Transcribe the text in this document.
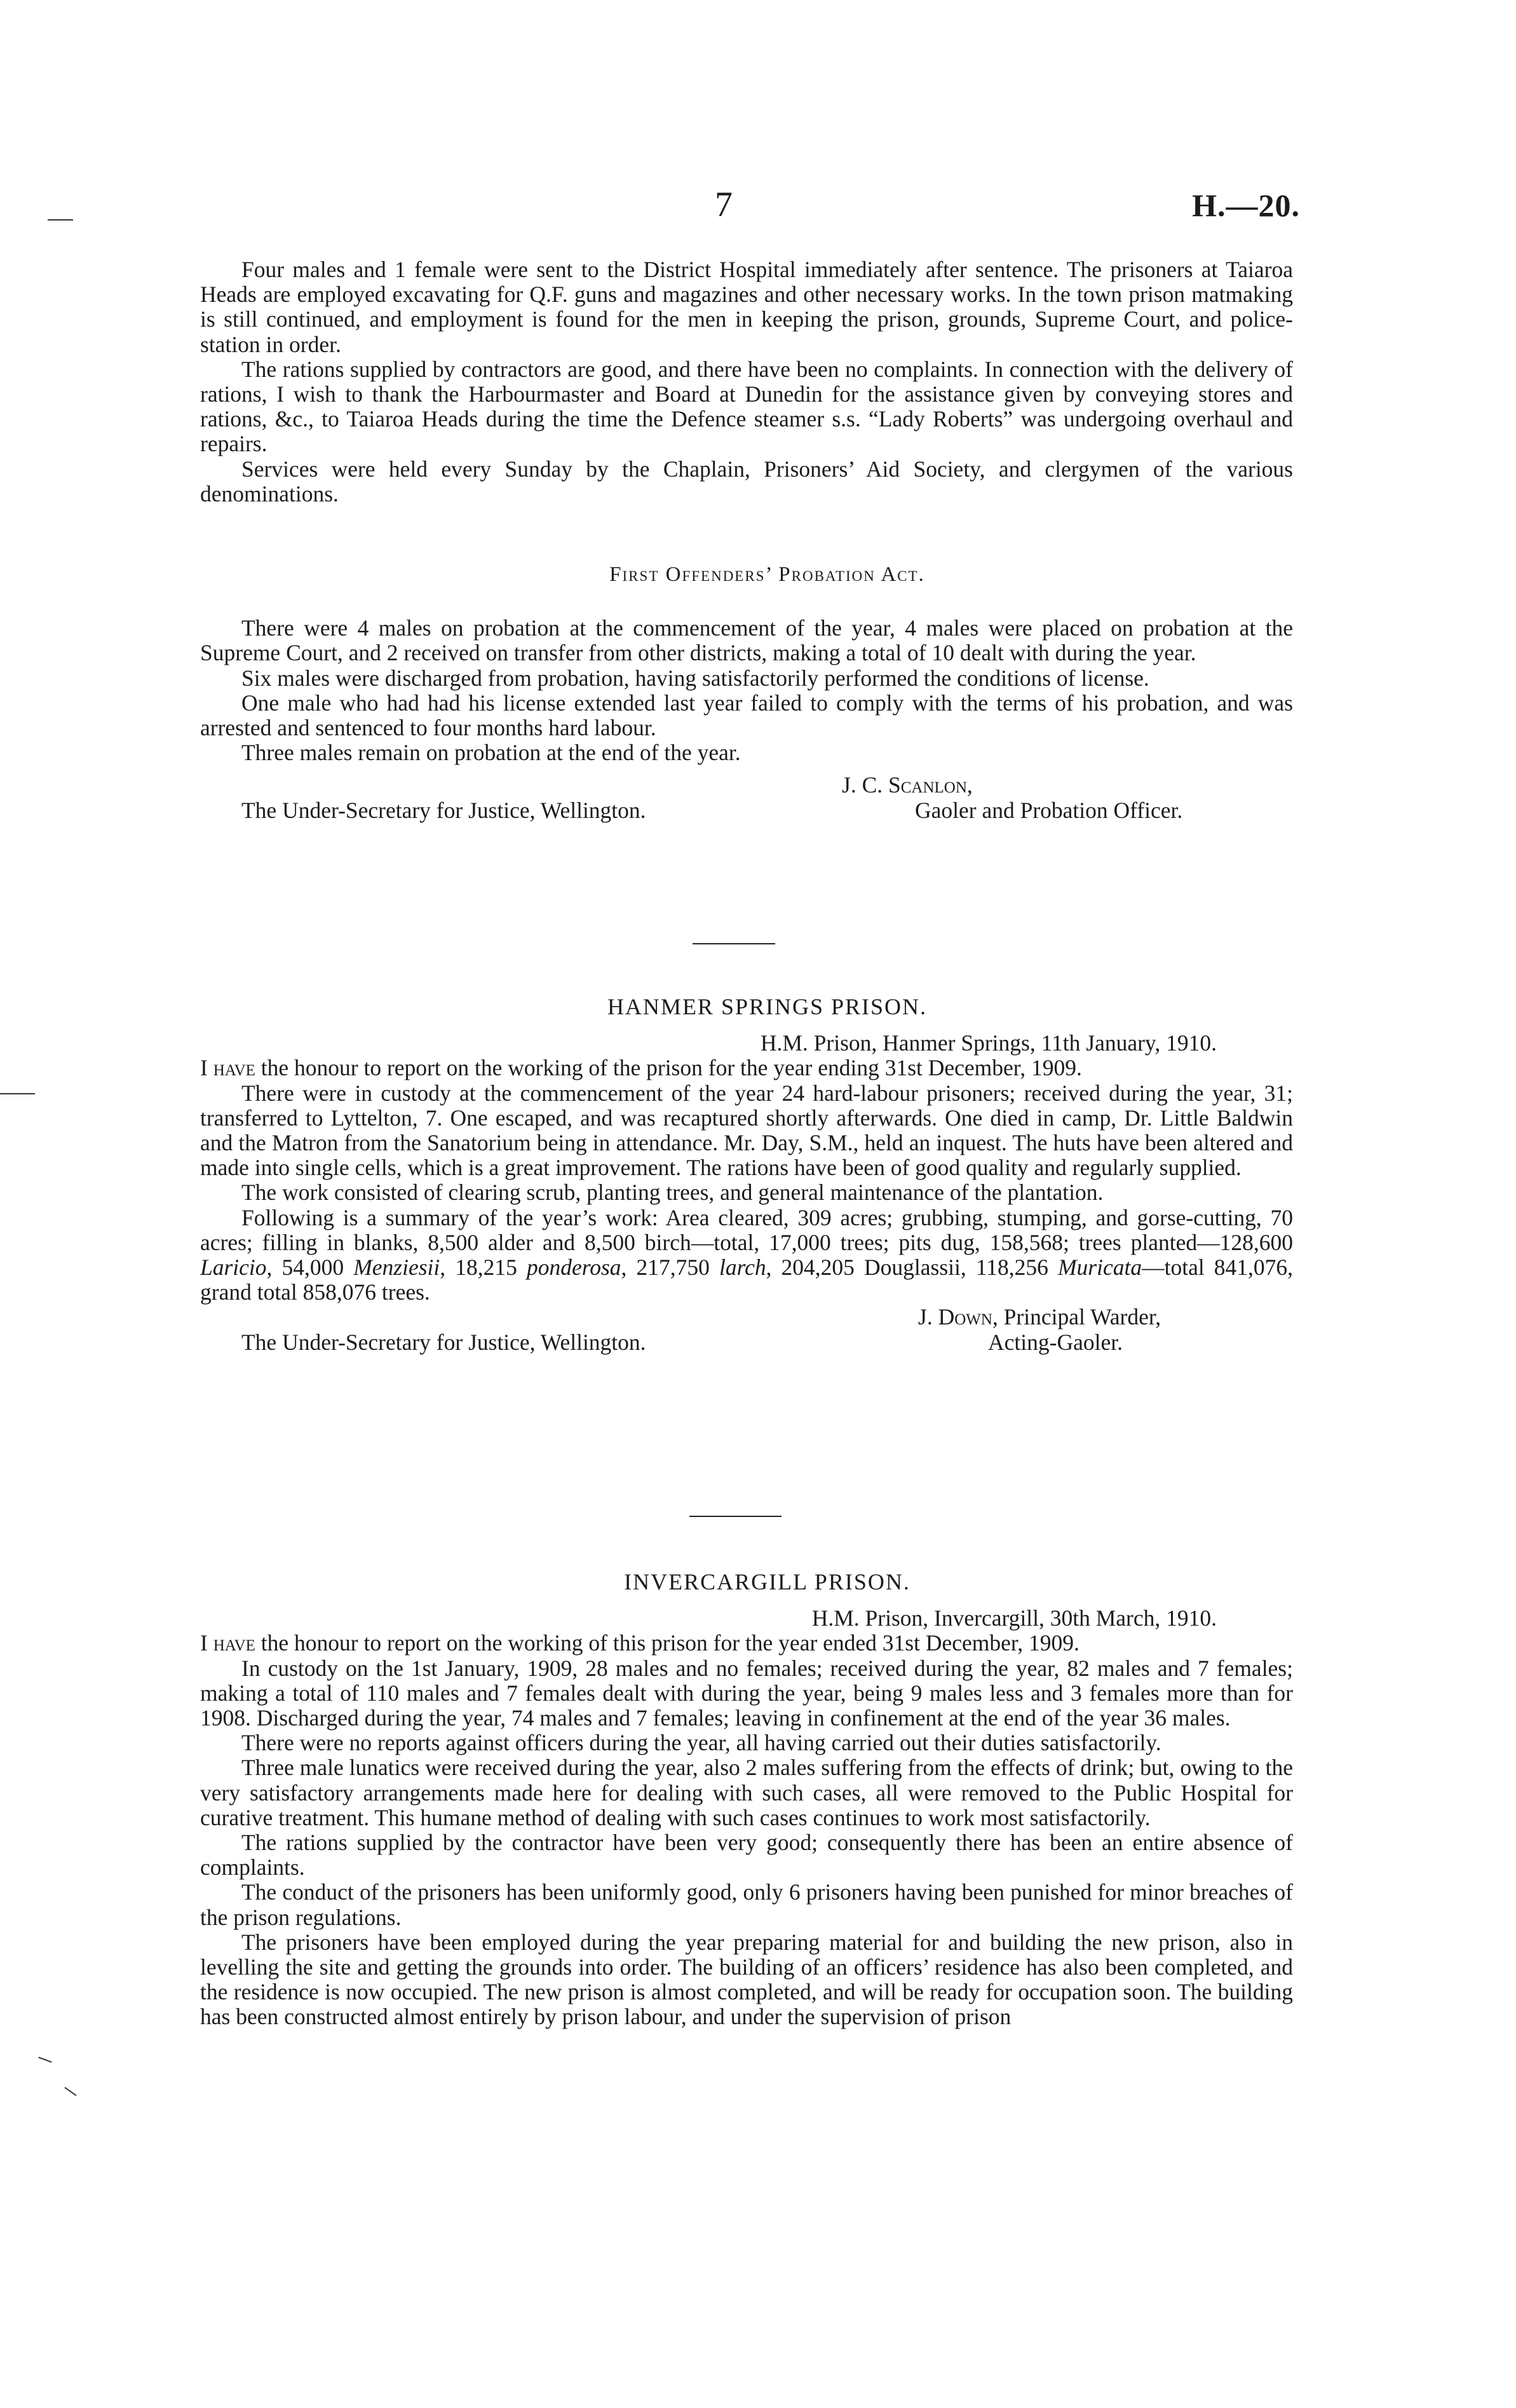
7	H.—20.

Four males and 1 female were sent to the District Hospital immediately after sentence. The prisoners at Taiaroa Heads are employed excavating for Q.F. guns and magazines and other necessary works. In the town prison matmaking is still continued, and employment is found for the men in keeping the prison, grounds, Supreme Court, and police-station in order.

The rations supplied by contractors are good, and there have been no complaints. In connection with the delivery of rations, I wish to thank the Harbourmaster and Board at Dunedin for the assistance given by conveying stores and rations, &c., to Taiaroa Heads during the time the Defence steamer s.s. “Lady Roberts” was undergoing overhaul and repairs.

Services were held every Sunday by the Chaplain, Prisoners’ Aid Society, and clergymen of the various denominations.

First Offenders’ Probation Act.

There were 4 males on probation at the commencement of the year, 4 males were placed on probation at the Supreme Court, and 2 received on transfer from other districts, making a total of 10 dealt with during the year.

Six males were discharged from probation, having satisfactorily performed the conditions of license.

One male who had had his license extended last year failed to comply with the terms of his probation, and was arrested and sentenced to four months hard labour.

Three males remain on probation at the end of the year.

J. C. Scanlon,
The Under-Secretary for Justice, Wellington.	Gaoler and Probation Officer.

HANMER SPRINGS PRISON.

H.M. Prison, Hanmer Springs, 11th January, 1910.

I have the honour to report on the working of the prison for the year ending 31st December, 1909.

There were in custody at the commencement of the year 24 hard-labour prisoners; received during the year, 31; transferred to Lyttelton, 7. One escaped, and was recaptured shortly afterwards. One died in camp, Dr. Little Baldwin and the Matron from the Sanatorium being in attendance. Mr. Day, S.M., held an inquest. The huts have been altered and made into single cells, which is a great improvement. The rations have been of good quality and regularly supplied.

The work consisted of clearing scrub, planting trees, and general maintenance of the plantation.

Following is a summary of the year’s work: Area cleared, 309 acres; grubbing, stumping, and gorse-cutting, 70 acres; filling in blanks, 8,500 alder and 8,500 birch—total, 17,000 trees; pits dug, 158,568; trees planted—128,600 Laricio, 54,000 Menziesii, 18,215 ponderosa, 217,750 larch, 204,205 Douglassii, 118,256 Muricata—total 841,076, grand total 858,076 trees.

J. Down, Principal Warder,
The Under-Secretary for Justice, Wellington.	Acting-Gaoler.

INVERCARGILL PRISON.

H.M. Prison, Invercargill, 30th March, 1910.

I have the honour to report on the working of this prison for the year ended 31st December, 1909.

In custody on the 1st January, 1909, 28 males and no females; received during the year, 82 males and 7 females; making a total of 110 males and 7 females dealt with during the year, being 9 males less and 3 females more than for 1908. Discharged during the year, 74 males and 7 females; leaving in confinement at the end of the year 36 males.

There were no reports against officers during the year, all having carried out their duties satisfactorily.

Three male lunatics were received during the year, also 2 males suffering from the effects of drink; but, owing to the very satisfactory arrangements made here for dealing with such cases, all were removed to the Public Hospital for curative treatment. This humane method of dealing with such cases continues to work most satisfactorily.

The rations supplied by the contractor have been very good; consequently there has been an entire absence of complaints.

The conduct of the prisoners has been uniformly good, only 6 prisoners having been punished for minor breaches of the prison regulations.

The prisoners have been employed during the year preparing material for and building the new prison, also in levelling the site and getting the grounds into order. The building of an officers’ residence has also been completed, and the residence is now occupied. The new prison is almost completed, and will be ready for occupation soon. The building has been constructed almost entirely by prison labour, and under the supervision of prison
